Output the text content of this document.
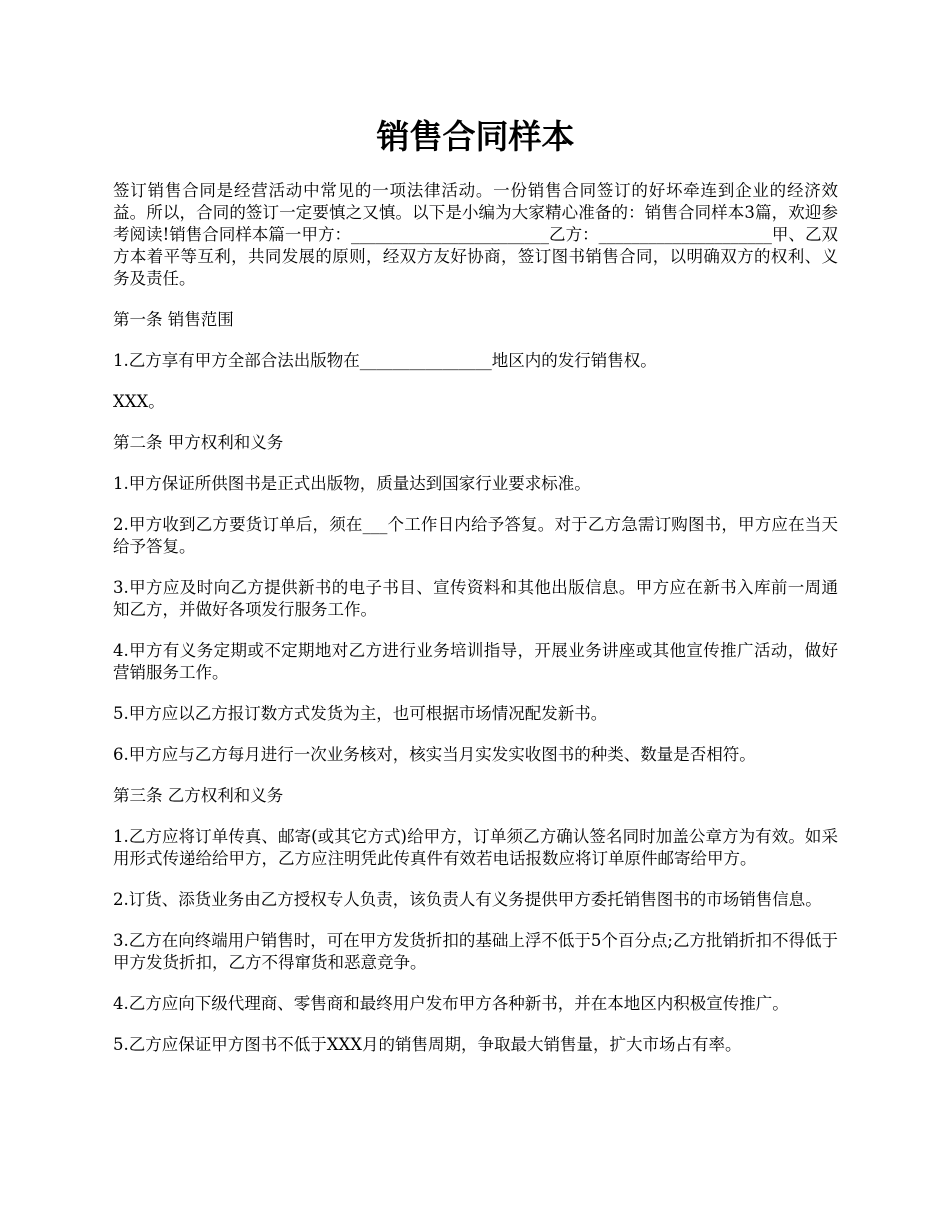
销售合同样本

签订销售合同是经营活动中常见的一项法律活动。一份销售合同签订的好坏牵连到企业的经济效益。所以，合同的签订一定要慎之又慎。以下是小编为大家精心准备的：销售合同样本3篇，欢迎参考阅读!销售合同样本篇一甲方：________________________乙方：_____________________甲、乙双方本着平等互利，共同发展的原则，经双方友好协商，签订图书销售合同，以明确双方的权利、义务及责任。

第一条 销售范围

1.乙方享有甲方全部合法出版物在________________地区内的发行销售权。

XXX。

第二条 甲方权利和义务

1.甲方保证所供图书是正式出版物，质量达到国家行业要求标准。

2.甲方收到乙方要货订单后，须在___个工作日内给予答复。对于乙方急需订购图书，甲方应在当天给予答复。

3.甲方应及时向乙方提供新书的电子书目、宣传资料和其他出版信息。甲方应在新书入库前一周通知乙方，并做好各项发行服务工作。

4.甲方有义务定期或不定期地对乙方进行业务培训指导，开展业务讲座或其他宣传推广活动，做好营销服务工作。

5.甲方应以乙方报订数方式发货为主，也可根据市场情况配发新书。

6.甲方应与乙方每月进行一次业务核对，核实当月实发实收图书的种类、数量是否相符。

第三条 乙方权利和义务

1.乙方应将订单传真、邮寄(或其它方式)给甲方，订单须乙方确认签名同时加盖公章方为有效。如采用形式传递给给甲方，乙方应注明凭此传真件有效若电话报数应将订单原件邮寄给甲方。

2.订货、添货业务由乙方授权专人负责，该负责人有义务提供甲方委托销售图书的市场销售信息。

3.乙方在向终端用户销售时，可在甲方发货折扣的基础上浮不低于5个百分点;乙方批销折扣不得低于甲方发货折扣，乙方不得窜货和恶意竞争。

4.乙方应向下级代理商、零售商和最终用户发布甲方各种新书，并在本地区内积极宣传推广。

5.乙方应保证甲方图书不低于XXX月的销售周期，争取最大销售量，扩大市场占有率。
